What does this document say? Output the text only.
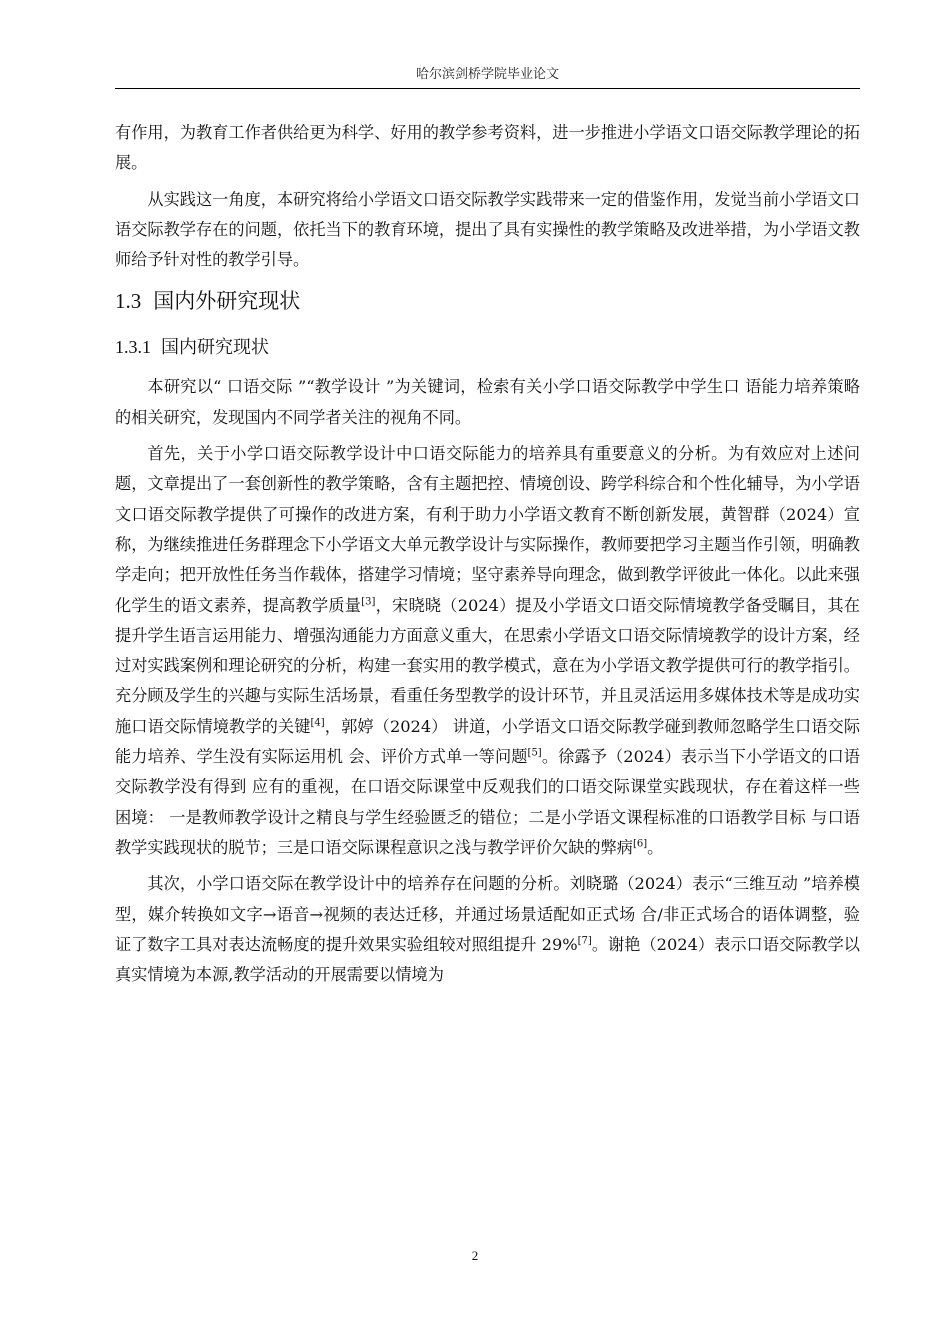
哈尔滨剑桥学院毕业论文

有作用，为教育工作者供给更为科学、好用的教学参考资料，进一步推进小学语文口语交际教学理论的拓展。

从实践这一角度，本研究将给小学语文口语交际教学实践带来一定的借鉴作用，发觉当前小学语文口语交际教学存在的问题，依托当下的教育环境，提出了具有实操性的教学策略及改进举措，为小学语文教师给予针对性的教学引导。

1.3 国内外研究现状
1.3.1 国内研究现状

本研究以“ 口语交际 ”“教学设计 ”为关键词，检索有关小学口语交际教学中学生口 语能力培养策略的相关研究，发现国内不同学者关注的视角不同。

首先，关于小学口语交际教学设计中口语交际能力的培养具有重要意义的分析。为有效应对上述问题，文章提出了一套创新性的教学策略，含有主题把控、情境创设、跨学科综合和个性化辅导，为小学语文口语交际教学提供了可操作的改进方案，有利于助力小学语文教育不断创新发展，黄智群（2024）宣称，为继续推进任务群理念下小学语文大单元教学设计与实际操作，教师要把学习主题当作引领，明确教学走向；把开放性任务当作载体，搭建学习情境；坚守素养导向理念，做到教学评彼此一体化。以此来强化学生的语文素养，提高教学质量[3]，宋晓晓（2024）提及小学语文口语交际情境教学备受瞩目，其在提升学生语言运用能力、增强沟通能力方面意义重大，在思索小学语文口语交际情境教学的设计方案，经过对实践案例和理论研究的分析，构建一套实用的教学模式，意在为小学语文教学提供可行的教学指引。充分顾及学生的兴趣与实际生活场景，看重任务型教学的设计环节，并且灵活运用多媒体技术等是成功实施口语交际情境教学的关键[4]，郭婷（2024） 讲道，小学语文口语交际教学碰到教师忽略学生口语交际能力培养、学生没有实际运用机 会、评价方式单一等问题[5]。徐露予（2024）表示当下小学语文的口语交际教学没有得到 应有的重视，在口语交际课堂中反观我们的口语交际课堂实践现状，存在着这样一些困境： 一是教师教学设计之精良与学生经验匮乏的错位；二是小学语文课程标准的口语教学目标 与口语教学实践现状的脱节；三是口语交际课程意识之浅与教学评价欠缺的弊病[6]。

其次，小学口语交际在教学设计中的培养存在问题的分析。刘晓璐（2024）表示“三维互动 ”培养模型，媒介转换如文字→语音→视频的表达迁移，并通过场景适配如正式场 合/非正式场合的语体调整，验证了数字工具对表达流畅度的提升效果实验组较对照组提升 29%[7]。谢艳（2024）表示口语交际教学以真实情境为本源,教学活动的开展需要以情境为

2
